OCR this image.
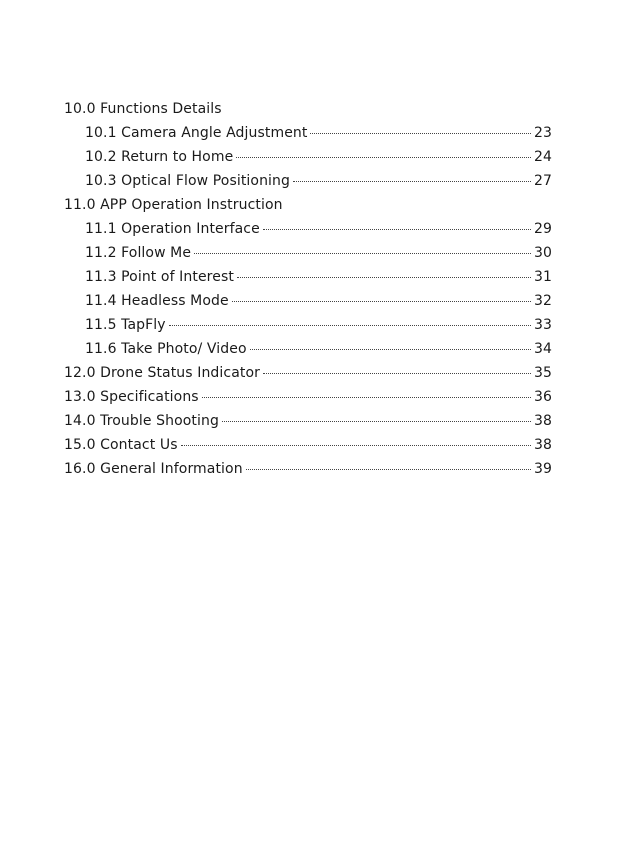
10.0 Functions Details
10.1 Camera Angle Adjustment	23
10.2 Return to Home	24
10.3 Optical Flow Positioning	27
11.0 APP Operation Instruction
11.1 Operation Interface	29
11.2 Follow Me	30
11.3 Point of Interest	31
11.4 Headless Mode	32
11.5 TapFly	33
11.6 Take Photo/ Video	34
12.0 Drone Status Indicator	35
13.0 Specifications	36
14.0 Trouble Shooting	38
15.0 Contact Us	38
16.0 General Information	39
